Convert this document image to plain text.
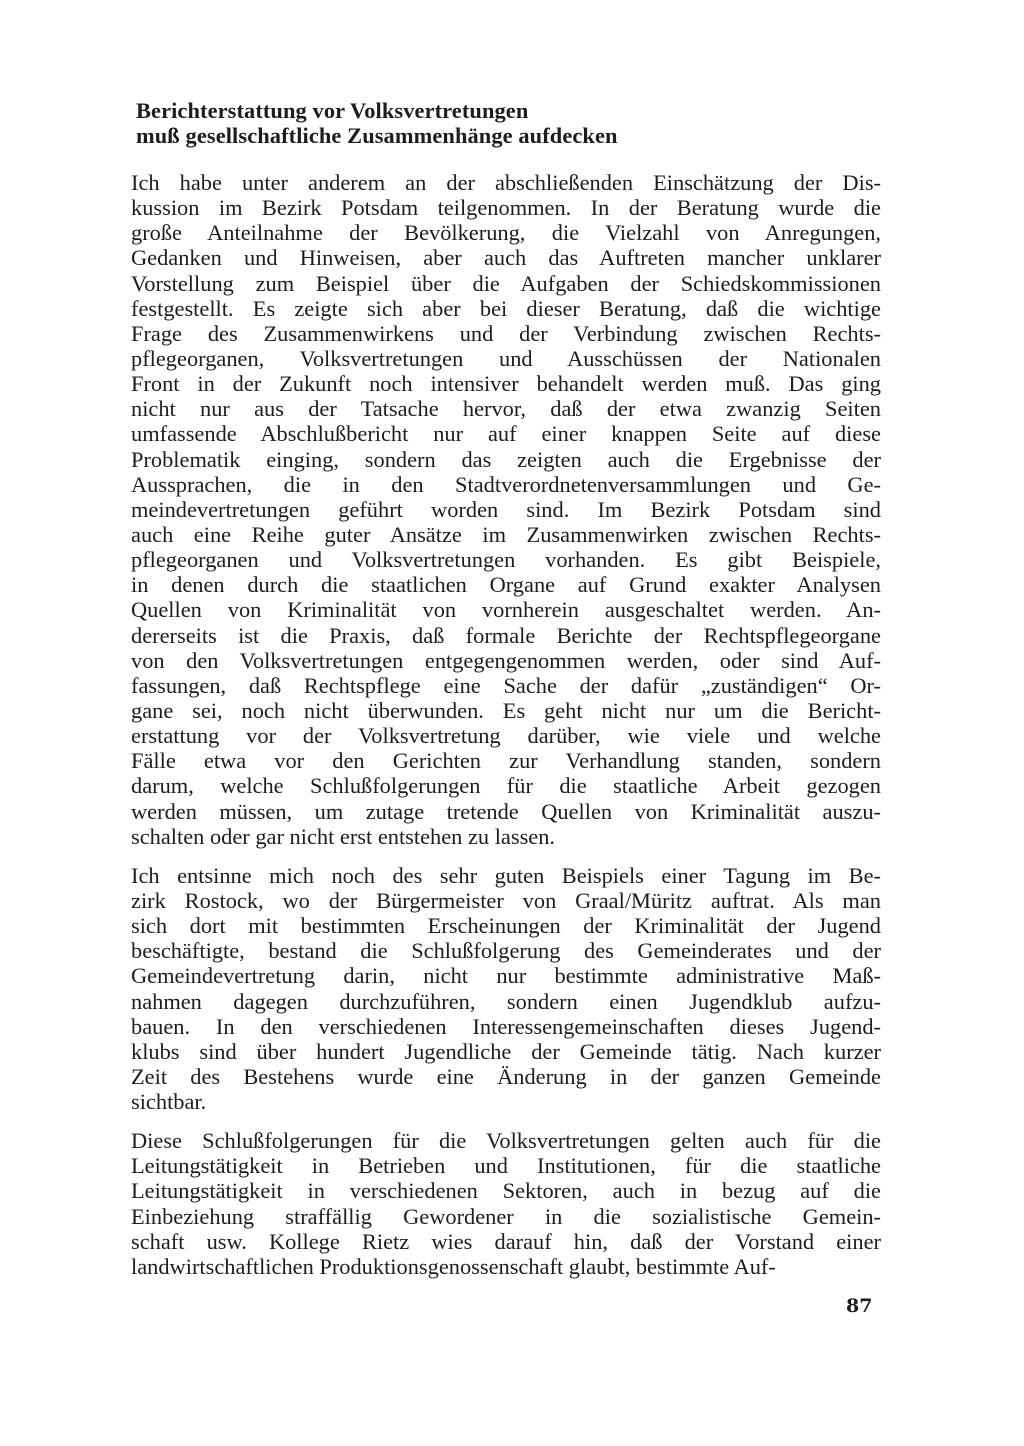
Berichterstattung vor Volksvertretungen
muß gesellschaftliche Zusammenhänge aufdecken
Ich habe unter anderem an der abschließenden Einschätzung der Dis-
kussion im Bezirk Potsdam teilgenommen. In der Beratung wurde die
große Anteilnahme der Bevölkerung, die Vielzahl von Anregungen,
Gedanken und Hinweisen, aber auch das Auftreten mancher unklarer
Vorstellung zum Beispiel über die Aufgaben der Schiedskommissionen
festgestellt. Es zeigte sich aber bei dieser Beratung, daß die wichtige
Frage des Zusammenwirkens und der Verbindung zwischen Rechts-
pflegeorganen, Volksvertretungen und Ausschüssen der Nationalen
Front in der Zukunft noch intensiver behandelt werden muß. Das ging
nicht nur aus der Tatsache hervor, daß der etwa zwanzig Seiten
umfassende Abschlußbericht nur auf einer knappen Seite auf diese
Problematik einging, sondern das zeigten auch die Ergebnisse der
Aussprachen, die in den Stadtverordnetenversammlungen und Ge-
meindevertretungen geführt worden sind. Im Bezirk Potsdam sind
auch eine Reihe guter Ansätze im Zusammenwirken zwischen Rechts-
pflegeorganen und Volksvertretungen vorhanden. Es gibt Beispiele,
in denen durch die staatlichen Organe auf Grund exakter Analysen
Quellen von Kriminalität von vornherein ausgeschaltet werden. An-
dererseits ist die Praxis, daß formale Berichte der Rechtspflegeorgane
von den Volksvertretungen entgegengenommen werden, oder sind Auf-
fassungen, daß Rechtspflege eine Sache der dafür „zuständigen“ Or-
gane sei, noch nicht überwunden. Es geht nicht nur um die Bericht-
erstattung vor der Volksvertretung darüber, wie viele und welche
Fälle etwa vor den Gerichten zur Verhandlung standen, sondern
darum, welche Schlußfolgerungen für die staatliche Arbeit gezogen
werden müssen, um zutage tretende Quellen von Kriminalität auszu-
schalten oder gar nicht erst entstehen zu lassen.
Ich entsinne mich noch des sehr guten Beispiels einer Tagung im Be-
zirk Rostock, wo der Bürgermeister von Graal/Müritz auftrat. Als man
sich dort mit bestimmten Erscheinungen der Kriminalität der Jugend
beschäftigte, bestand die Schlußfolgerung des Gemeinderates und der
Gemeindevertretung darin, nicht nur bestimmte administrative Maß-
nahmen dagegen durchzuführen, sondern einen Jugendklub aufzu-
bauen. In den verschiedenen Interessengemeinschaften dieses Jugend-
klubs sind über hundert Jugendliche der Gemeinde tätig. Nach kurzer
Zeit des Bestehens wurde eine Änderung in der ganzen Gemeinde
sichtbar.
Diese Schlußfolgerungen für die Volksvertretungen gelten auch für die
Leitungstätigkeit in Betrieben und Institutionen, für die staatliche
Leitungstätigkeit in verschiedenen Sektoren, auch in bezug auf die
Einbeziehung straffällig Gewordener in die sozialistische Gemein-
schaft usw. Kollege Rietz wies darauf hin, daß der Vorstand einer
landwirtschaftlichen Produktionsgenossenschaft glaubt, bestimmte Auf-
87
